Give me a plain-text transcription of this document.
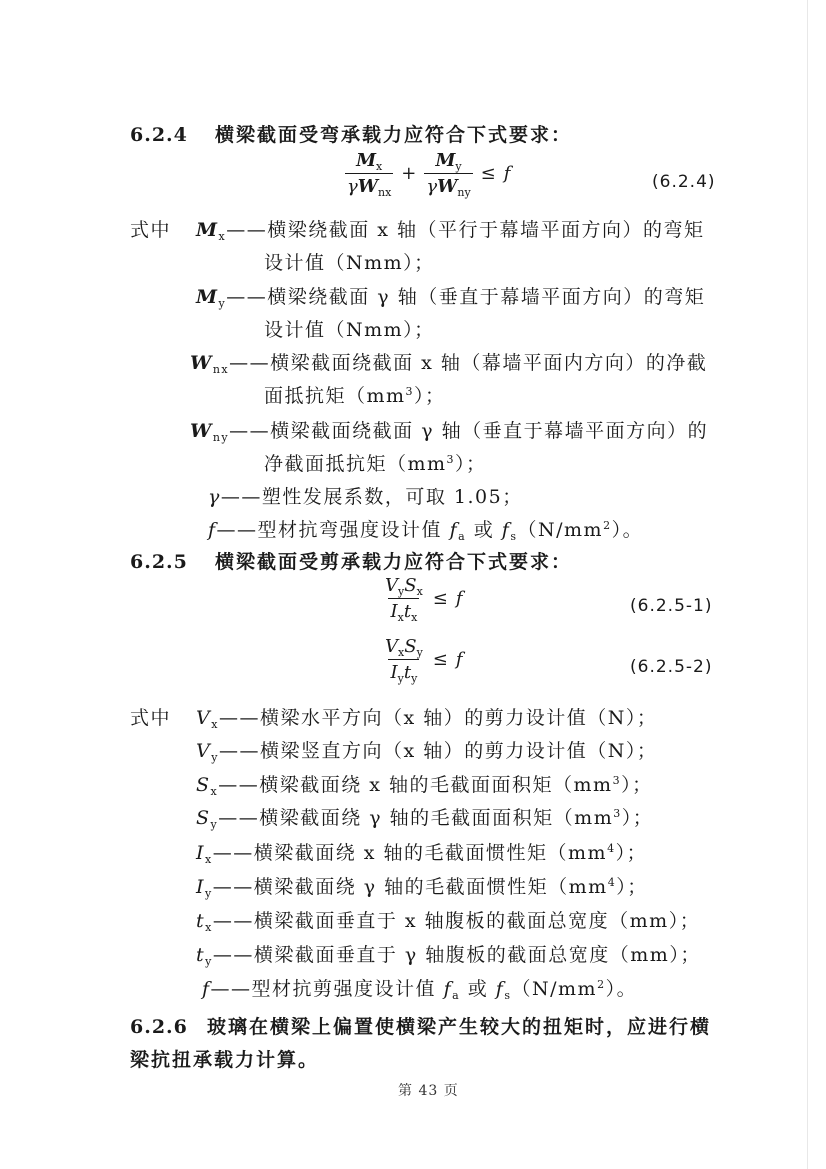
6.2.4 横梁截面受弯承载力应符合下式要求：
$\frac{M_x}{\gamma W_{nx}} + \frac{M_y}{\gamma W_{ny}} \le f$	(6.2.4)
式中 $M_x——$横梁绕截面 x 轴（平行于幕墙平面方向）的弯矩
设计值（Nmm）；
$M_y——$横梁绕截面 γ 轴（垂直于幕墙平面方向）的弯矩
设计值（Nmm）；
$W_{nx}——$横梁截面绕截面 x 轴（幕墙平面内方向）的净截
面抵抗矩$(mm^3)$；
$W_{ny}——$横梁截面绕截面 γ 轴（垂直于幕墙平面方向）的
净截面抵抗矩$(mm^3)$；
γ——塑性发展系数，可取 1.05；
f——型材抗弯强度设计值 $f_a$ 或 $f_s(N/mm^2)$。
6.2.5 横梁截面受剪承载力应符合下式要求：
$\frac{V_yS_x}{I_xt_x} \le f$	(6.2.5-1)
$\frac{V_xS_y}{I_yt_y} \le f$	(6.2.5-2)
式中 $V_x——$横梁水平方向（x 轴）的剪力设计值（N）；
$V_y——$横梁竖直方向（x 轴）的剪力设计值（N）；
$S_x——$横梁截面绕 x 轴的毛截面面积矩$(mm^3)$；
$S_y——$横梁截面绕 γ 轴的毛截面面积矩$(mm^3)$；
$I_x——$横梁截面绕 x 轴的毛截面惯性矩$(mm^4)$；
$I_y——$横梁截面绕 γ 轴的毛截面惯性矩$(mm^4)$；
$t_x——$横梁截面垂直于 x 轴腹板的截面总宽度（mm）；
$t_y——$横梁截面垂直于 γ 轴腹板的截面总宽度（mm）；
f——型材抗剪强度设计值 $f_a$ 或 $f_s(N/mm^2)$。
6.2.6 玻璃在横梁上偏置使横梁产生较大的扭矩时，应进行横
梁抗扭承载力计算。
第 43 页
